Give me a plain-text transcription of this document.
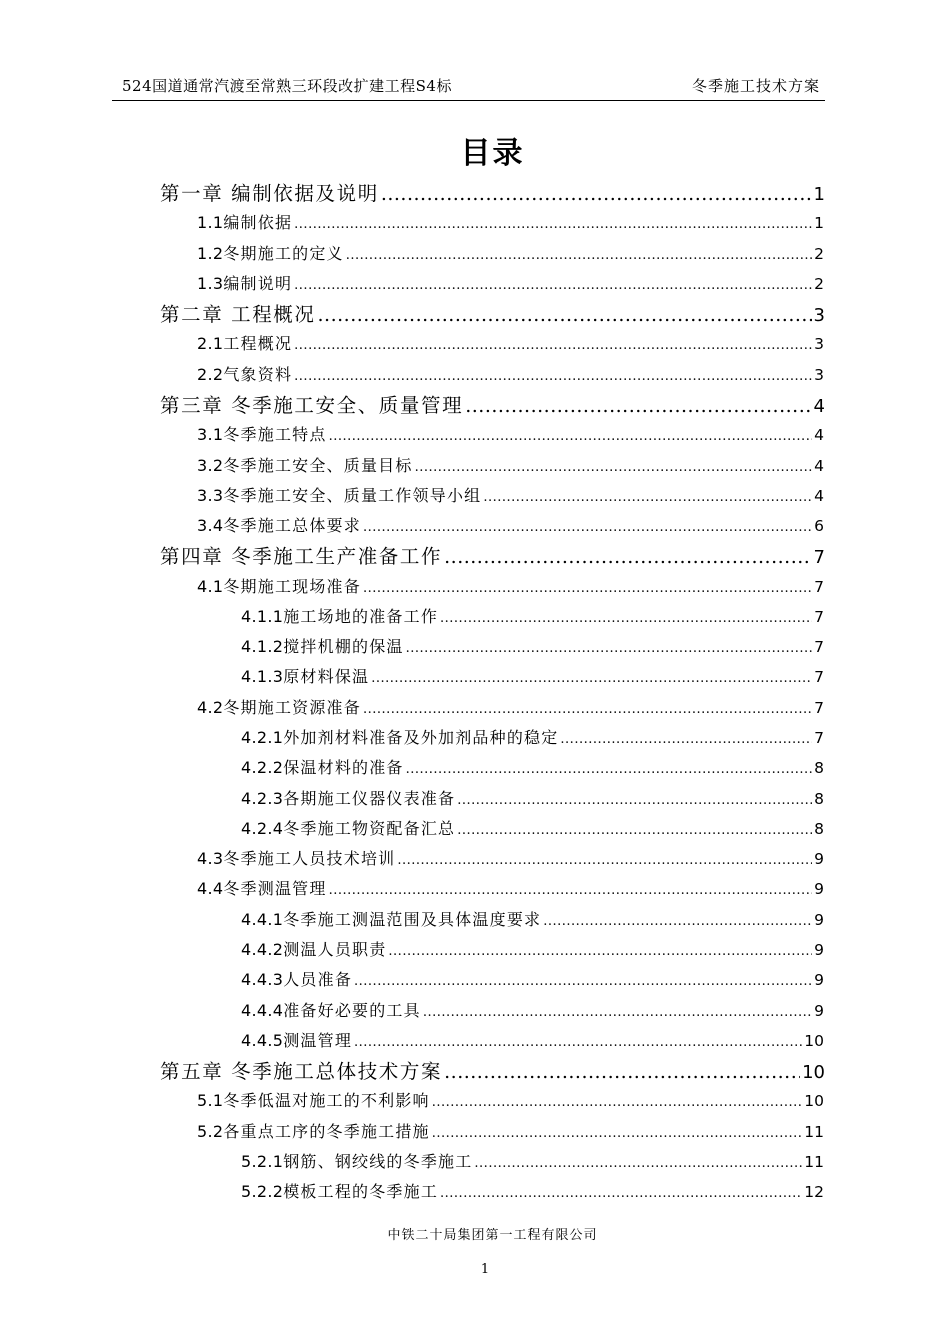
524国道通常汽渡至常熟三环段改扩建工程S4标	冬季施工技术方案
目录
第一章 编制依据及说明 .....	1
1.1编制依据 .....	1
1.2冬期施工的定义 .....	2
1.3编制说明 .....	2
第二章 工程概况 .....	3
2.1工程概况 .....	3
2.2气象资料 .....	3
第三章 冬季施工安全、质量管理 .....	4
3.1冬季施工特点 .....	4
3.2冬季施工安全、质量目标 .....	4
3.3冬季施工安全、质量工作领导小组 .....	4
3.4冬季施工总体要求 .....	6
第四章 冬季施工生产准备工作 .....	7
4.1冬期施工现场准备 .....	7
4.1.1施工场地的准备工作 .....	7
4.1.2搅拌机棚的保温 .....	7
4.1.3原材料保温 .....	7
4.2冬期施工资源准备 .....	7
4.2.1外加剂材料准备及外加剂品种的稳定 .....	7
4.2.2保温材料的准备 .....	8
4.2.3各期施工仪器仪表准备 .....	8
4.2.4冬季施工物资配备汇总 .....	8
4.3冬季施工人员技术培训 .....	9
4.4冬季测温管理 .....	9
4.4.1冬季施工测温范围及具体温度要求 .....	9
4.4.2测温人员职责 .....	9
4.4.3人员准备 .....	9
4.4.4准备好必要的工具 .....	9
4.4.5测温管理 .....	10
第五章 冬季施工总体技术方案 .....	10
5.1冬季低温对施工的不利影响 .....	10
5.2各重点工序的冬季施工措施 .....	11
5.2.1钢筋、钢绞线的冬季施工 .....	11
5.2.2模板工程的冬季施工 .....	12
中铁二十局集团第一工程有限公司
1
